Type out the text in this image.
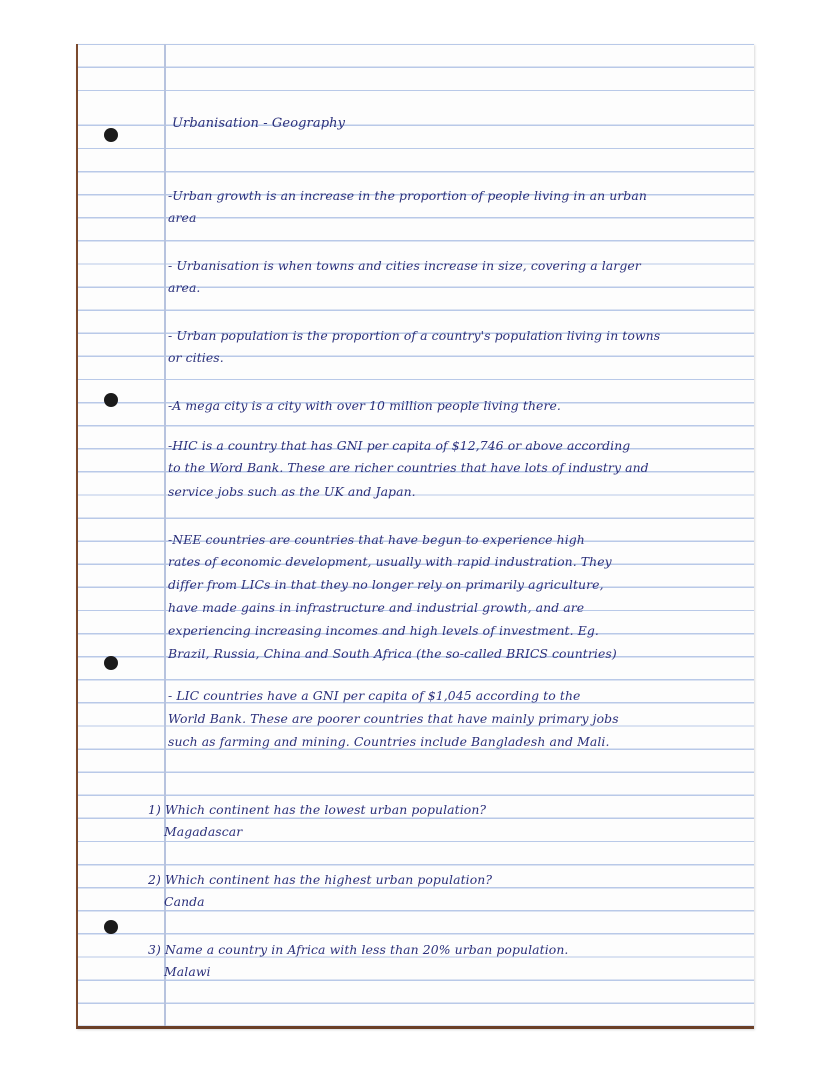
Urbanisation - Geography

-Urban growth is an increase in the proportion of people living in an urban

area

- Urbanisation is when towns and cities increase in size, covering a larger

area.

- Urban population is the proportion of a country's population living in towns

or cities.

-A mega city is a city with over 10 million people living there.

-HIC is a country that has GNI per capita of $12,746 or above according

to the Word Bank. These are richer countries that have lots of industry and

service jobs such as the UK and Japan.

-NEE countries are countries that have begun to experience high

rates of economic development, usually with rapid industration. They

differ from LICs in that they no longer rely on primarily agriculture,

have made gains in infrastructure and industrial growth, and are

experiencing increasing incomes and high levels of investment. Eg.

Brazil, Russia, China and South Africa (the so-called BRICS countries)

- LIC countries have a GNI per capita of $1,045 according to the

World Bank. These are poorer countries that have mainly primary jobs

such as farming and mining. Countries include Bangladesh and Mali.

1) Which continent has the lowest urban population?

Magadascar

2) Which continent has the highest urban population?

Canda

3) Name a country in Africa with less than 20% urban population.

Malawi
